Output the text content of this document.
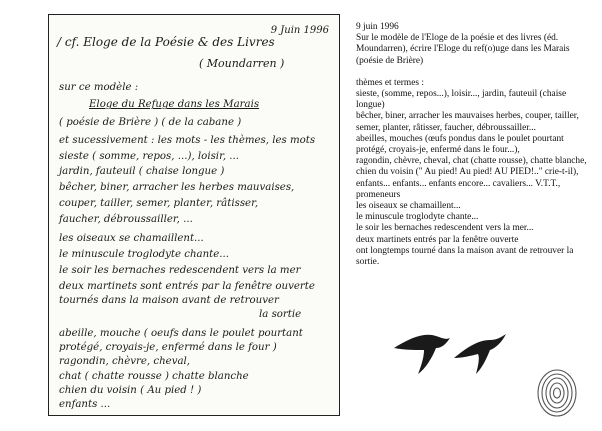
9 Juin 1996
/ cf. Eloge de la Poésie & des Livres
( Moundarren )
sur ce modèle :
Eloge du Refuge dans les Marais
( poésie de Brière ) ( de la cabane )
et sucessivement : les mots - les thèmes, les mots
sieste ( somme, repos, ...), loisir, ...
jardin, fauteuil ( chaise longue )
bêcher, biner, arracher les herbes mauvaises,
couper, tailler, semer, planter, râtisser,
faucher, débroussailler, ...
les oiseaux se chamaillent...
le minuscule troglodyte chante...
le soir les bernaches redescendent vers la mer
deux martinets sont entrés par la fenêtre ouverte
tournés dans la maison avant de retrouver
la sortie
abeille, mouche ( oeufs dans le poulet pourtant
protégé, croyais-je, enfermé dans le four )
ragondin, chèvre, cheval,
chat ( chatte rousse ) chatte blanche
chien du voisin ( Au pied ! )
enfants ...

9 juin 1996

Sur le modèle de l'Eloge de la poésie et des livres (éd. Moundarren), écrire l'Eloge du ref(o)uge dans les Marais (poésie de Brière)

thèmes et termes :

sieste, (somme, repos...), loisir..., jardin, fauteuil (chaise longue)

bêcher, biner, arracher les mauvaises herbes, couper, tailler,

semer, planter, râtisser, faucher, débroussailler...

abeilles, mouches (œufs pondus dans le poulet pourtant protégé, croyais-je, enfermé dans le four...),

ragondin, chèvre, cheval, chat (chatte rousse), chatte blanche, chien du voisin (" Au pied! Au pied! AU PIED!.." crie-t-il),

enfants... enfants... enfants encore... cavaliers... V.T.T., promeneurs

les oiseaux se chamaillent...

le minuscule troglodyte chante...

le soir les bernaches redescendent vers la mer...

deux martinets entrés par la fenêtre ouverte

ont longtemps tourné dans la maison avant de retrouver la sortie.
